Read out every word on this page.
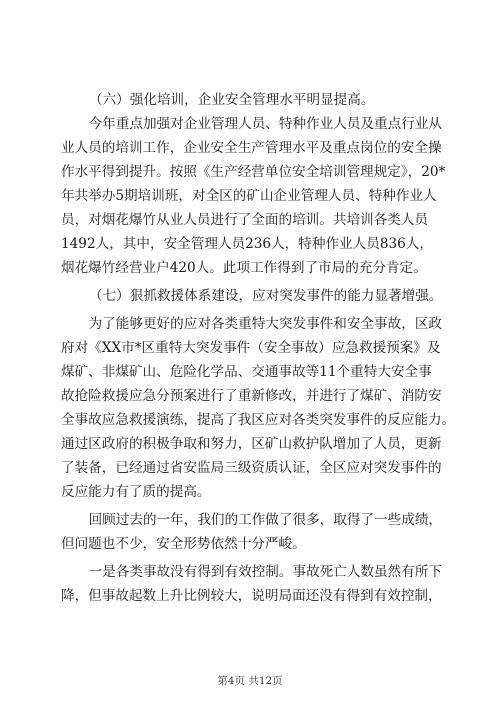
（六）强化培训，企业安全管理水平明显提高。
　今年重点加强对企业管理人员、特种作业人员及重点行业从
业人员的培训工作，企业安全生产管理水平及重点岗位的安全操
作水平得到提升。按照《生产经营单位安全培训管理规定》，20*
年共举办5期培训班，对全区的矿山企业管理人员、特种作业人
员，对烟花爆竹从业人员进行了全面的培训。共培训各类人员
1492人，其中，安全管理人员236人，特种作业人员836人，
烟花爆竹经营业户420人。此项工作得到了市局的充分肯定。
（七）狠抓救援体系建设，应对突发事件的能力显著增强。
　为了能够更好的应对各类重特大突发事件和安全事故，区政
府对《XX市*区重特大突发事件（安全事故）应急救援预案》及
煤矿、非煤矿山、危险化学品、交通事故等11个重特大安全事
故抢险救援应急分预案进行了重新修改，并进行了煤矿、消防安
全事故应急救援演练，提高了我区应对各类突发事件的反应能力。
通过区政府的积极争取和努力，区矿山救护队增加了人员，更新
了装备，已经通过省安监局三级资质认证，全区应对突发事件的
反应能力有了质的提高。
　回顾过去的一年，我们的工作做了很多，取得了一些成绩，
但问题也不少，安全形势依然十分严峻。
　一是各类事故没有得到有效控制。事故死亡人数虽然有所下
降，但事故起数上升比例较大，说明局面还没有得到有效控制，
第4页 共12页
